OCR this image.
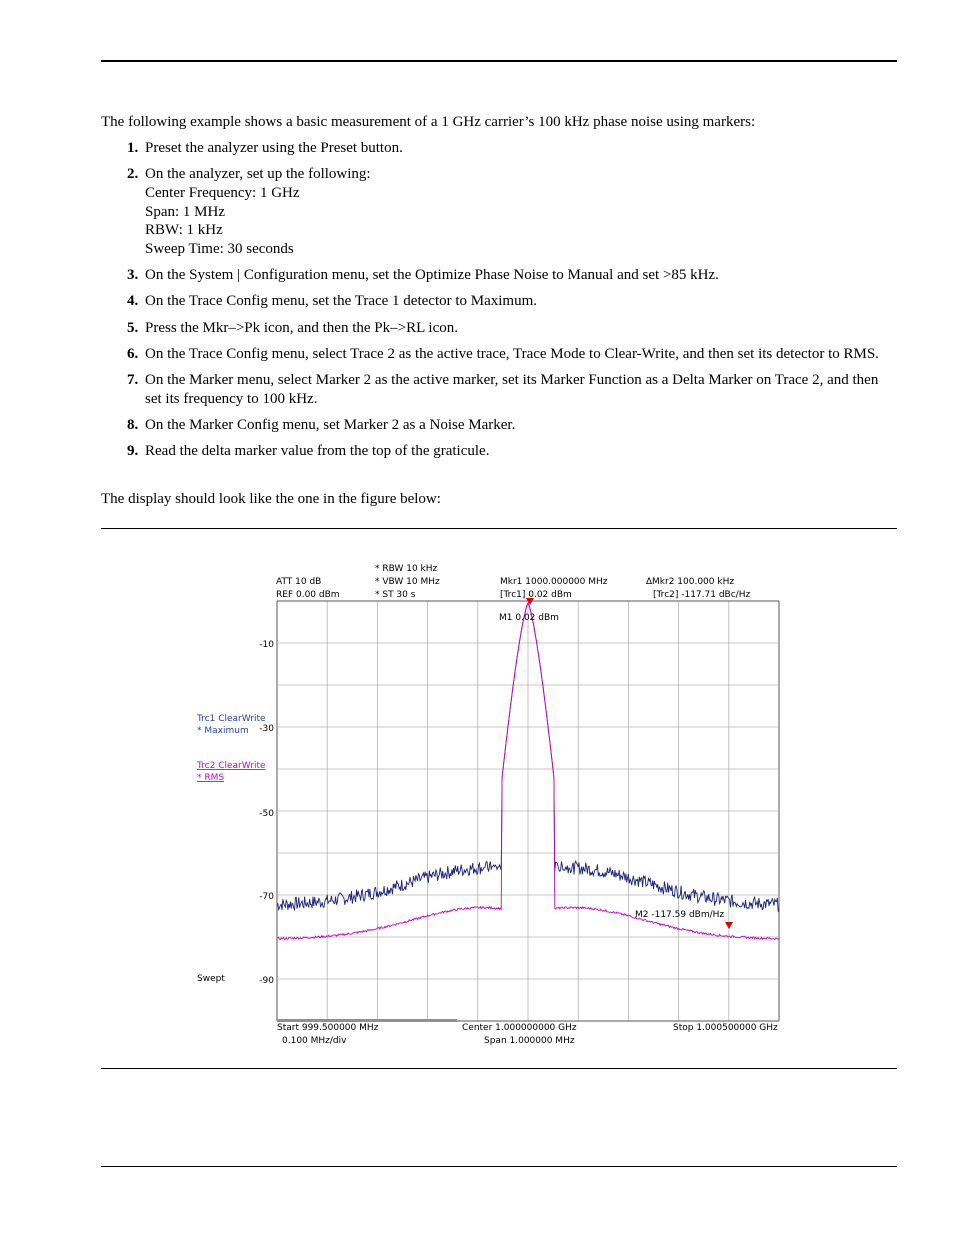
The following example shows a basic measurement of a 1 GHz carrier’s 100 kHz phase noise using markers:
1. Preset the analyzer using the Preset button.
2. On the analyzer, set up the following:
Center Frequency: 1 GHz
Span: 1 MHz
RBW: 1 kHz
Sweep Time: 30 seconds
3. On the System | Configuration menu, set the Optimize Phase Noise to Manual and set >85 kHz.
4. On the Trace Config menu, set the Trace 1 detector to Maximum.
5. Press the Mkr–>Pk icon, and then the Pk–>RL icon.
6. On the Trace Config menu, select Trace 2 as the active trace, Trace Mode to Clear-Write, and then set its detector to RMS.
7. On the Marker menu, select Marker 2 as the active marker, set its Marker Function as a Delta Marker on Trace 2, and then set its frequency to 100 kHz.
8. On the Marker Config menu, set Marker 2 as a Noise Marker.
9. Read the delta marker value from the top of the graticule.
The display should look like the one in the figure below:
ATT 10 dB
REF 0.00 dBm
* RBW 10 kHz
* VBW 10 MHz
* ST 30 s
Mkr1 1000.000000 MHz
[Trc1] 0.02 dBm
∆Mkr2 100.000 kHz
[Trc2] -117.71 dBc/Hz
M1 0.02 dBm
M2 -117.59 dBm/Hz
Swept
-10
-30
-50
-70
-90
Start 999.500000 MHz
0.100 MHz/div
Center 1.000000000 GHz
Span 1.000000 MHz
Stop 1.000500000 GHz
Trc1 ClearWrite
* Maximum
Trc2 ClearWrite
* RMS
